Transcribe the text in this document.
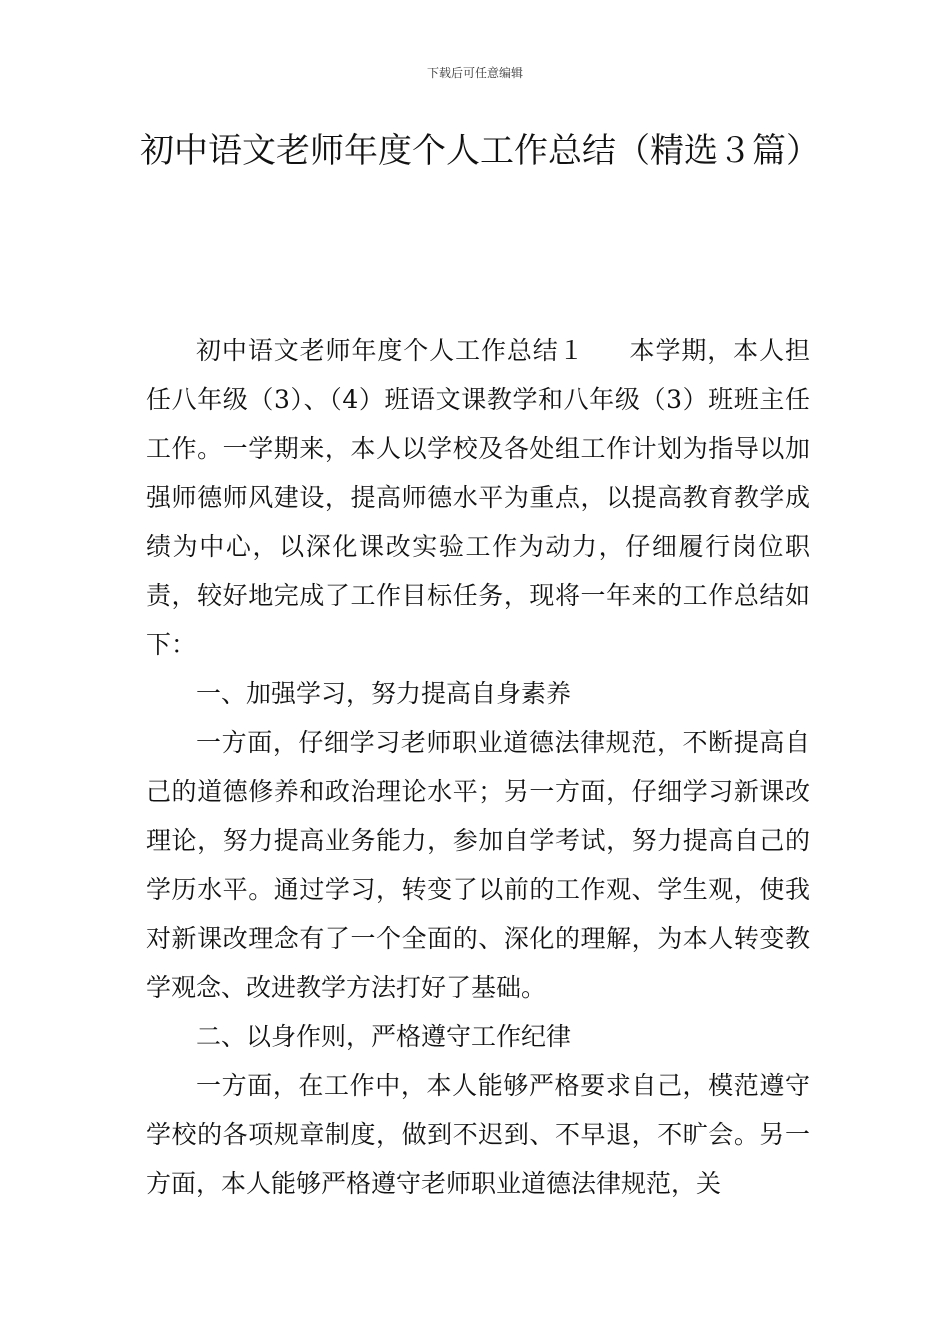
下载后可任意编辑
初中语文老师年度个人工作总结（精选３篇）

初中语文老师年度个人工作总结１ 本学期，本人担任八年级（3）、（4）班语文课教学和八年级（3）班班主任工作。一学期来，本人以学校及各处组工作计划为指导以加强师德师风建设，提高师德水平为重点，以提高教育教学成绩为中心，以深化课改实验工作为动力，仔细履行岗位职责，较好地完成了工作目标任务，现将一年来的工作总结如下：

一、加强学习，努力提高自身素养

一方面，仔细学习老师职业道德法律规范，不断提高自己的道德修养和政治理论水平；另一方面，仔细学习新课改理论，努力提高业务能力，参加自学考试，努力提高自己的学历水平。通过学习，转变了以前的工作观、学生观，使我对新课改理念有了一个全面的、深化的理解，为本人转变教学观念、改进教学方法打好了基础。

二、以身作则，严格遵守工作纪律

一方面，在工作中，本人能够严格要求自己，模范遵守学校的各项规章制度，做到不迟到、不早退，不旷会。另一方面，本人能够严格遵守老师职业道德法律规范，关
